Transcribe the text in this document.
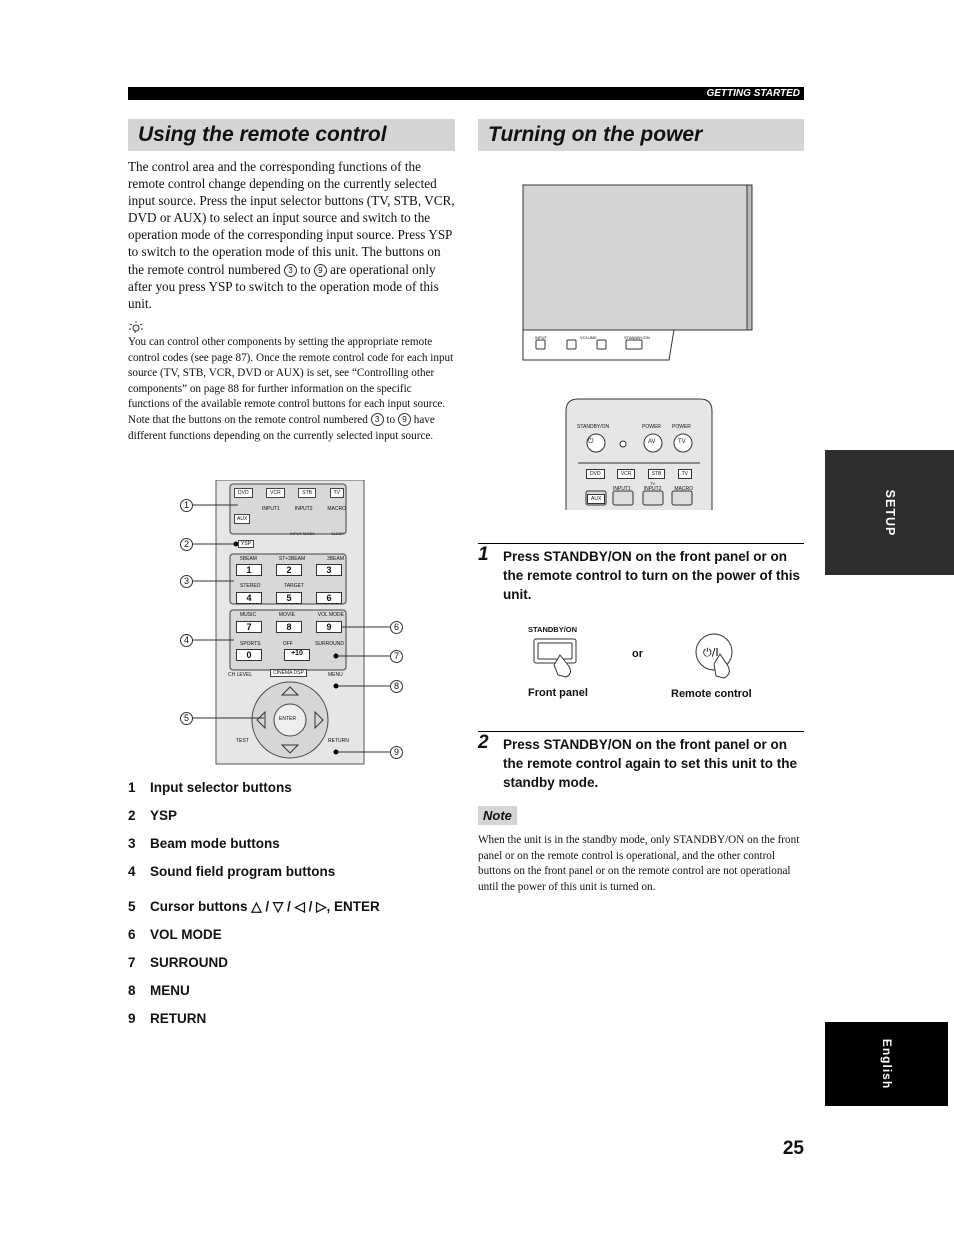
GETTING STARTED
Using the remote control
The control area and the corresponding functions of the remote control change depending on the currently selected input source. Press the input selector buttons (TV, STB, VCR, DVD or AUX) to select an input source and switch to the operation mode of the corresponding input source. Press YSP to switch to the operation mode of this unit. The buttons on the remote control numbered 3 to 9 are operational only after you press YSP to switch to the operation mode of this unit.
You can control other components by setting the appropriate remote control codes (see page 87). Once the remote control code for each input source (TV, STB, VCR, DVD or AUX) is set, see “Controlling other components” on page 88 for further information on the specific functions of the available remote control buttons for each input source. Note that the buttons on the remote control numbered 3 to 9 have different functions depending on the currently selected input source.
1
2
3
4
5
6
7
8
9
DVD	VCR	STB	TV
INPUT1	INPUT2	MACRO
AUX
INPUT MODE	SLEEP
YSP
5BEAM	ST+3BEAM	3BEAM
1	2	3
STEREO	TARGET
4	5	6
MUSIC	MOVIE	VOL MODE
7	8	9
SPORTS	OFF	SURROUND
0	+10
CINEMA DSP
CH LEVEL	MENU
ENTER
TEST	RETURN
1 Input selector buttons
2 YSP
3 Beam mode buttons
4 Sound field program buttons
5 Cursor buttons △ / ▽ / ◁ / ▷, ENTER
6 VOL MODE
7 SURROUND
8 MENU
9 RETURN
Turning on the power
INPUT	VOLUME	STANDBY/ON
STANDBY/ON	POWER POWER
⏻	AV	TV
DVD	VCR	STB	TV
TV
INPUT1	INPUT2	MACRO
AUX
1 Press STANDBY/ON on the front panel or on the remote control to turn on the power of this unit.
STANDBY/ON
or	⏻/I
Front panel	Remote control
2 Press STANDBY/ON on the front panel or on the remote control again to set this unit to the standby mode.
Note
When the unit is in the standby mode, only STANDBY/ON on the front panel or on the remote control is operational, and the other control buttons on the front panel or on the remote control are not operational until the power of this unit is turned on.
SETUP
English
25
